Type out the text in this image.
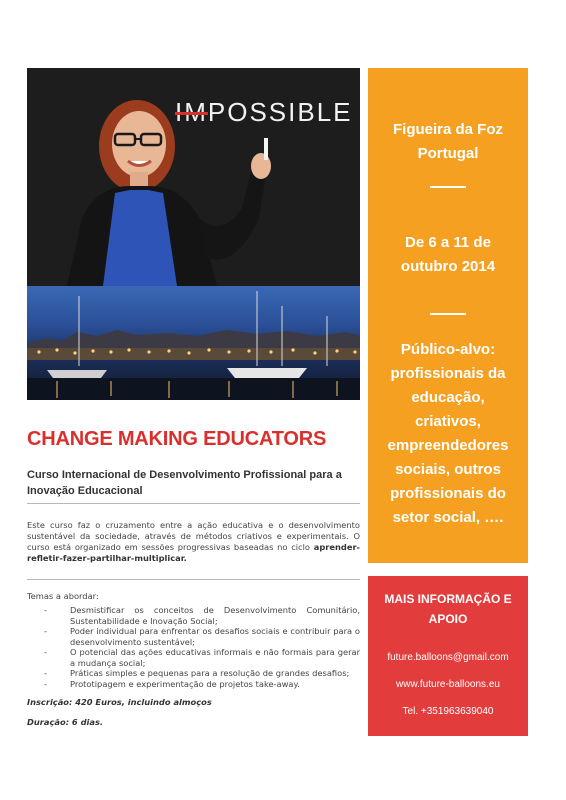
IMPOSSIBLE
Figueira da Foz
Portugal
De 6 a 11 de
outubro 2014
Público-alvo:
profissionais da
educação,
criativos,
empreendedores
sociais, outros
profissionais do
setor social, ….
MAIS INFORMAÇÃO E APOIO
future.balloons@gmail.com
www.future-balloons.eu
Tel. +351963639040
CHANGE MAKING EDUCATORS
Curso Internacional de Desenvolvimento Profissional para a Inovação Educacional
Este curso faz o cruzamento entre a ação educativa e o desenvolvimento sustentável da sociedade, através de métodos criativos e experimentais. O curso está organizado em sessões progressivas baseadas no ciclo aprender-refletir-fazer-partilhar-multiplicar.
Temas a abordar:
-	Desmistificar os conceitos de Desenvolvimento Comunitário, Sustentabilidade e Inovação Social;
-	Poder individual para enfrentar os desafios sociais e contribuir para o desenvolvimento sustentável;
-	O potencial das ações educativas informais e não formais para gerar a mudança social;
-	Práticas simples e pequenas para a resolução de grandes desafios;
-	Prototipagem e experimentação de projetos take-away.
Inscrição: 420 Euros, incluindo almoços
Duração: 6 dias.
